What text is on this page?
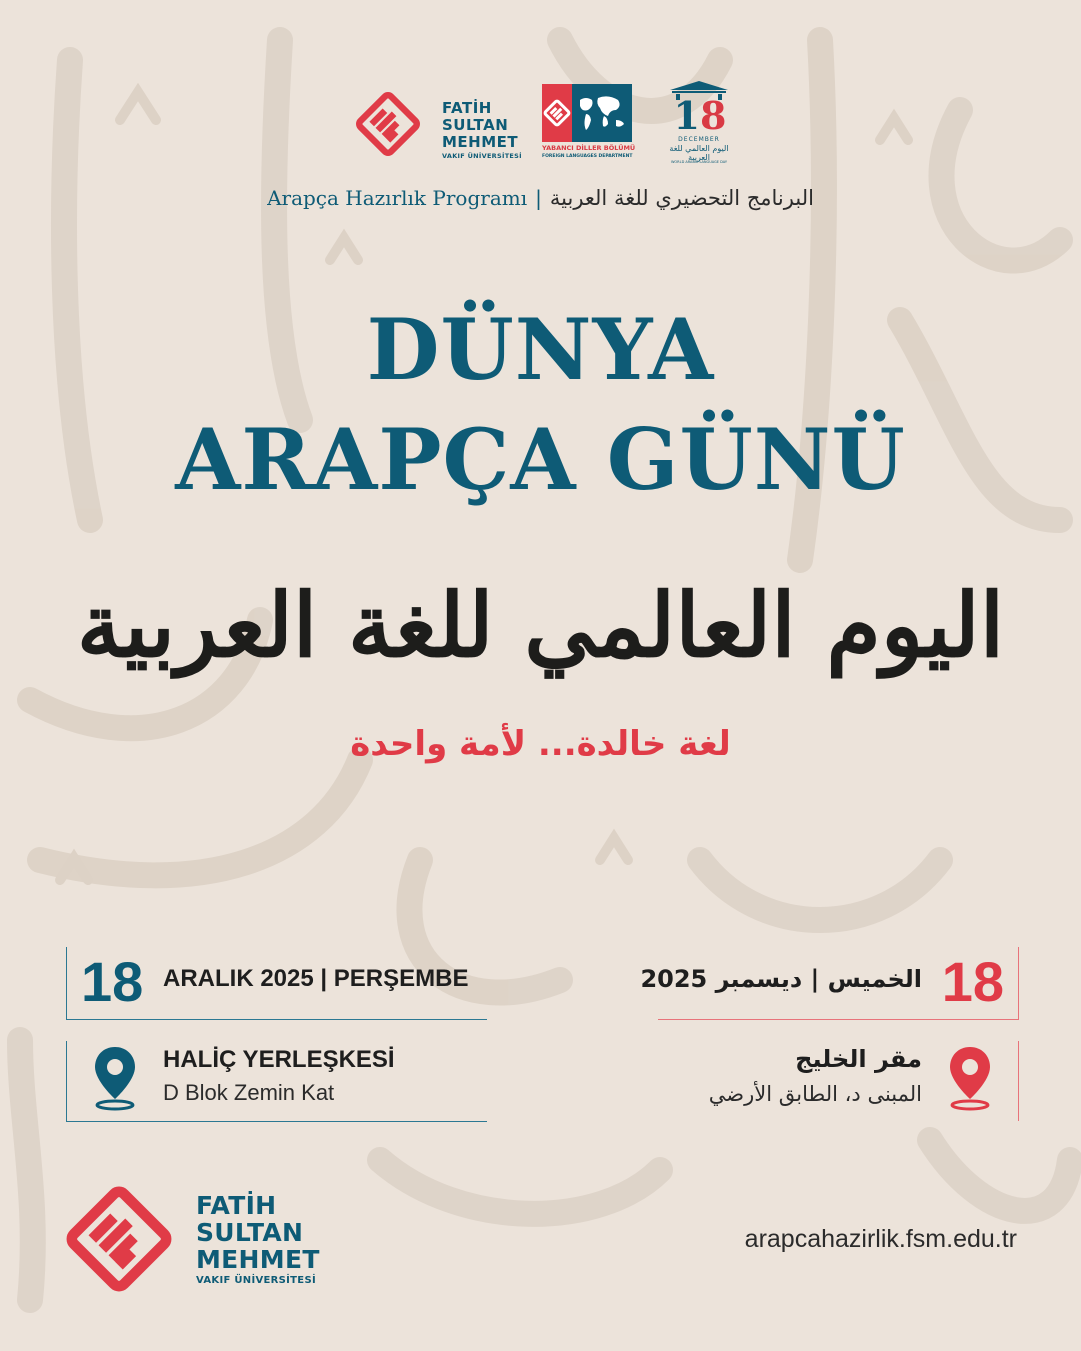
FATİH
SULTAN
MEHMET
VAKIF ÜNİVERSİTESİ
YABANCI DİLLER BÖLÜMÜ
FOREIGN LANGUAGES DEPARTMENT
18
DECEMBER
اليوم العالمي للغة العربية
WORLD ARABIC LANGUAGE DAY
Arapça Hazırlık Programı | البرنامج التحضيري للغة العربية
DÜNYA
ARAPÇA GÜNÜ
اليوم العالمي للغة العربية
لغة خالدة... لأمة واحدة
18 ARALIK 2025 | PERŞEMBE	18
الخميس | ديسمبر 2025
HALİÇ YERLEŞKESİ
D Blok Zemin Kat
مقر الخليج
المبنى د، الطابق الأرضي
FATİH
SULTAN
MEHMET
VAKIF ÜNİVERSİTESİ
arapcahazirlik.fsm.edu.tr
